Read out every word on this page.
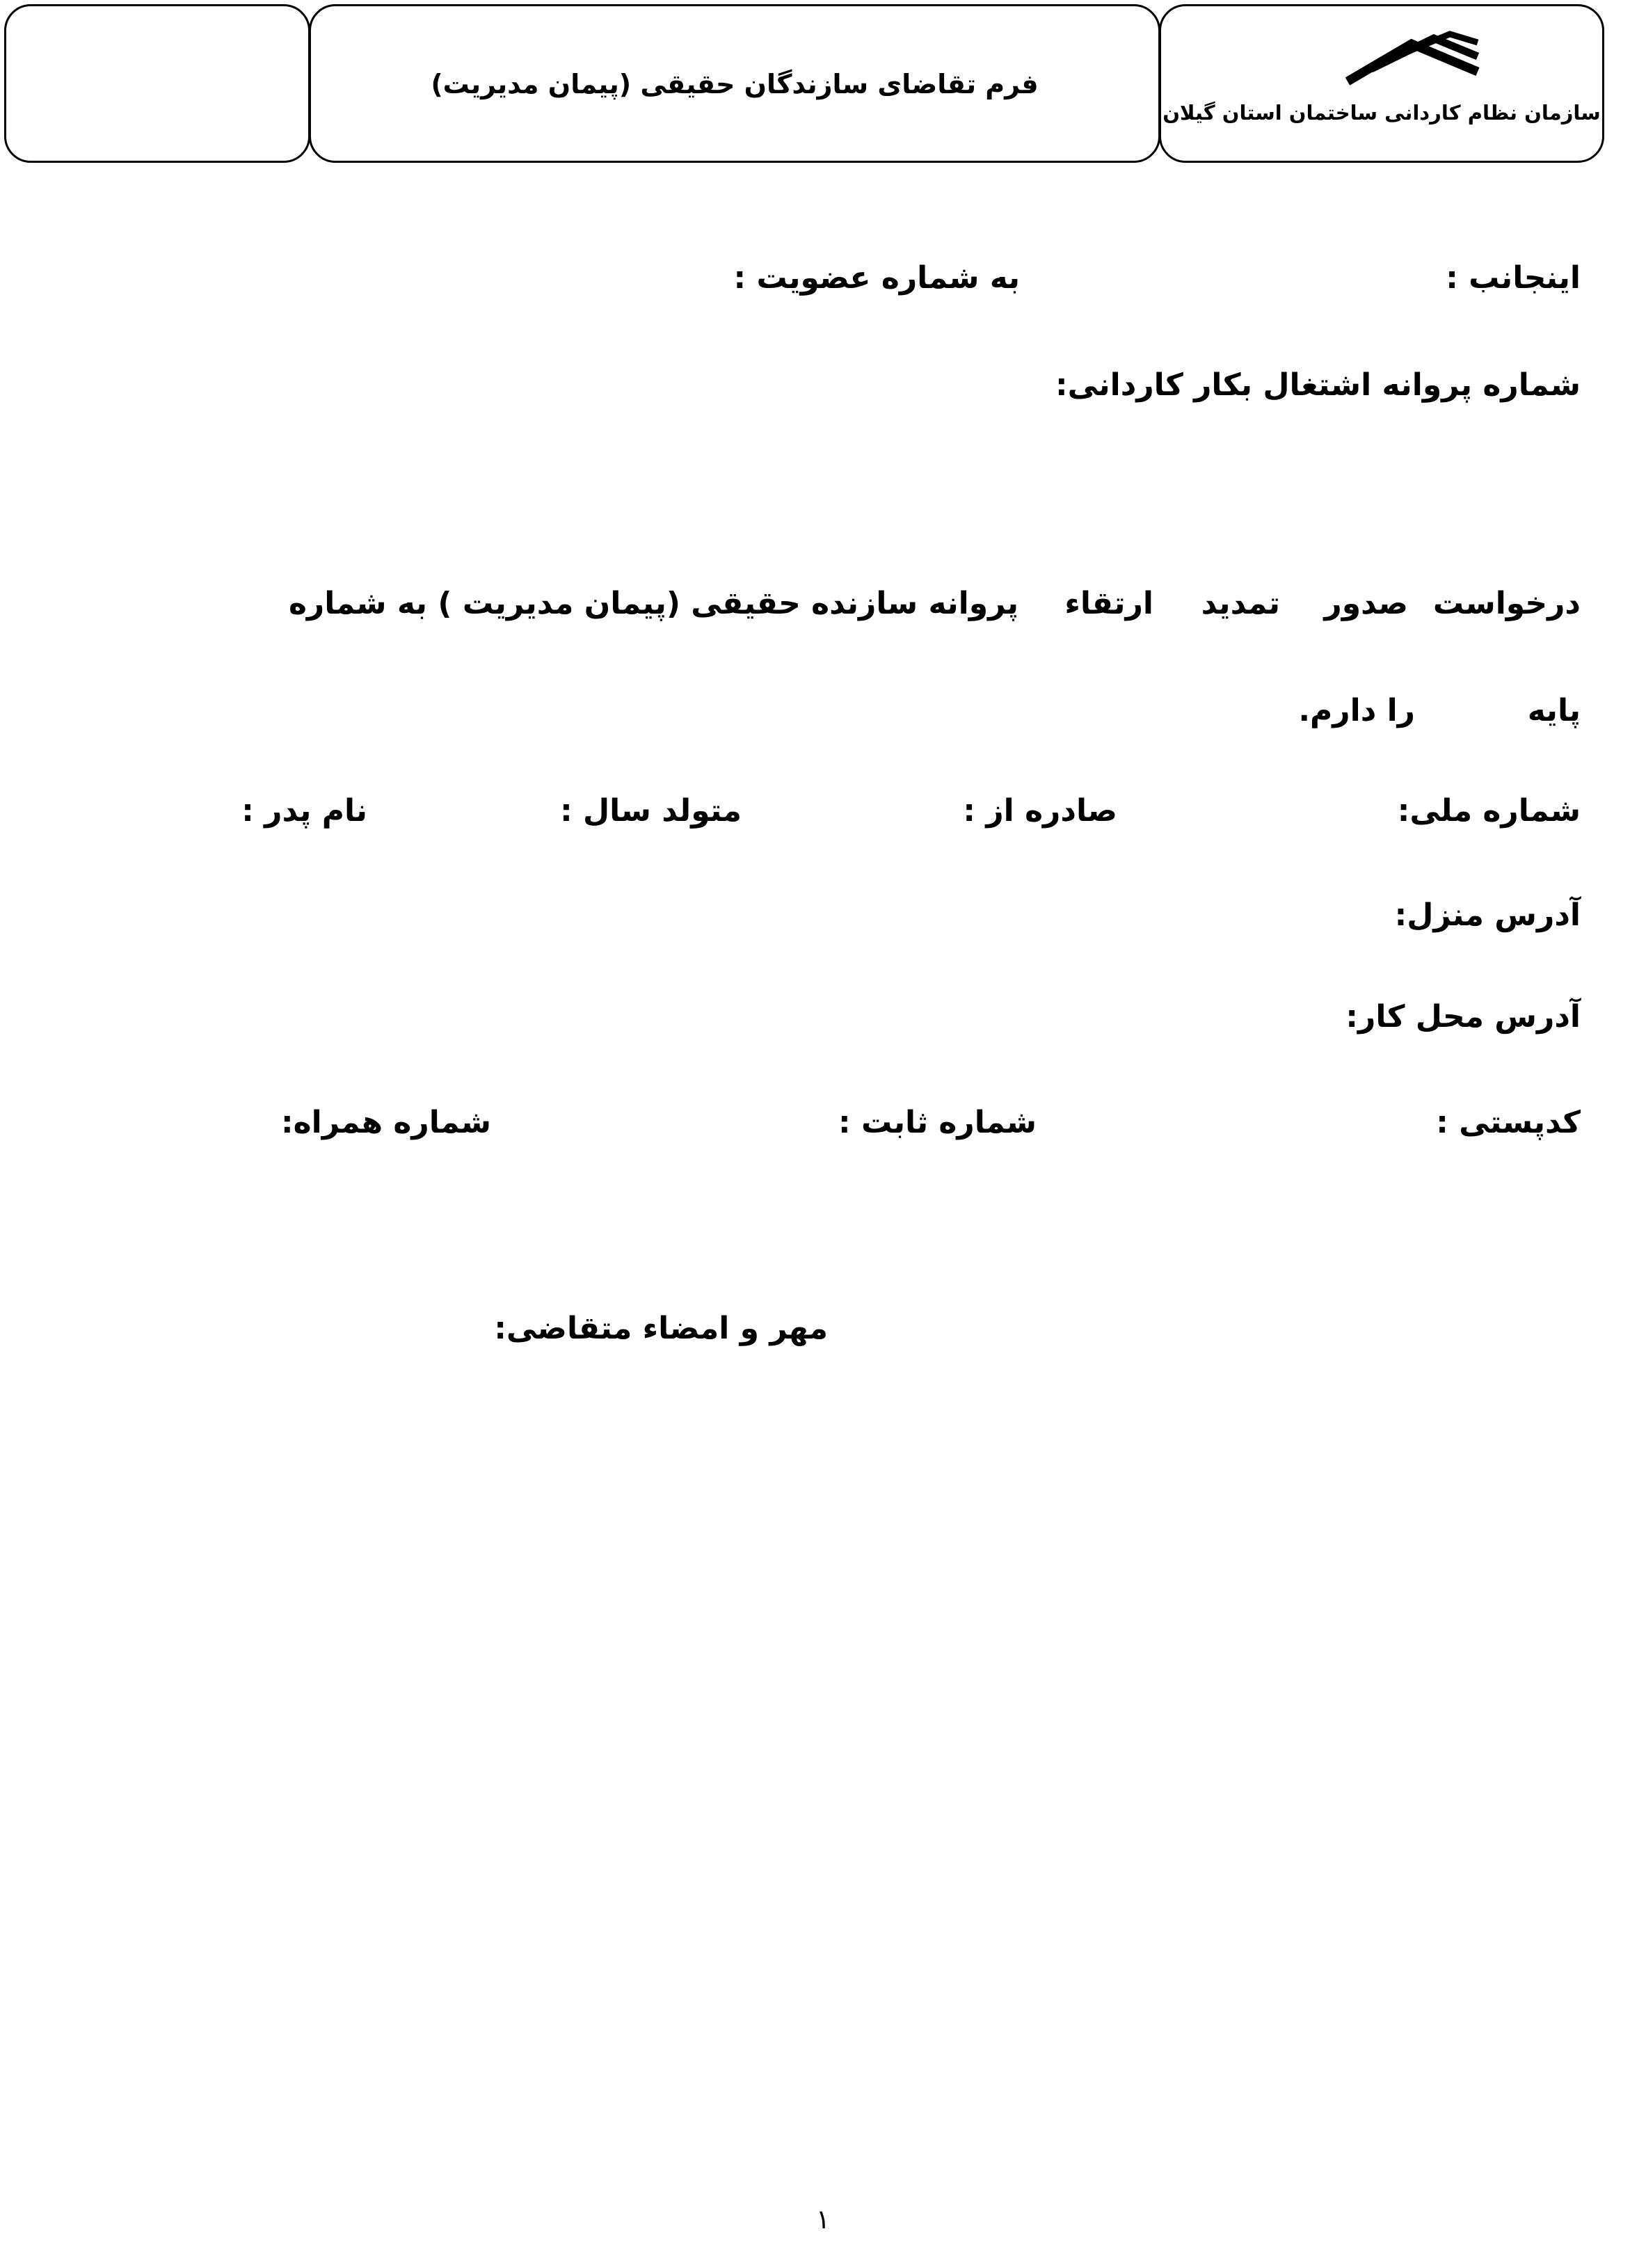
فرم تقاضای سازندگان حقیقی (پیمان مدیریت)
سازمان نظام کاردانی ساختمان استان گیلان
اینجانب :
به شماره عضویت :
شماره پروانه اشتغال بکار کاردانی:
درخواست
صدور
تمدید
ارتقاء
پروانه سازنده حقیقی (پیمان مدیریت ) به شماره
پایه
را دارم.
شماره ملی:
صادره از :
متولد سال :
نام پدر :
آدرس منزل:
آدرس محل کار:
کدپستی :
شماره ثابت :
شماره همراه:
مهر و امضاء متقاضی:
۱
